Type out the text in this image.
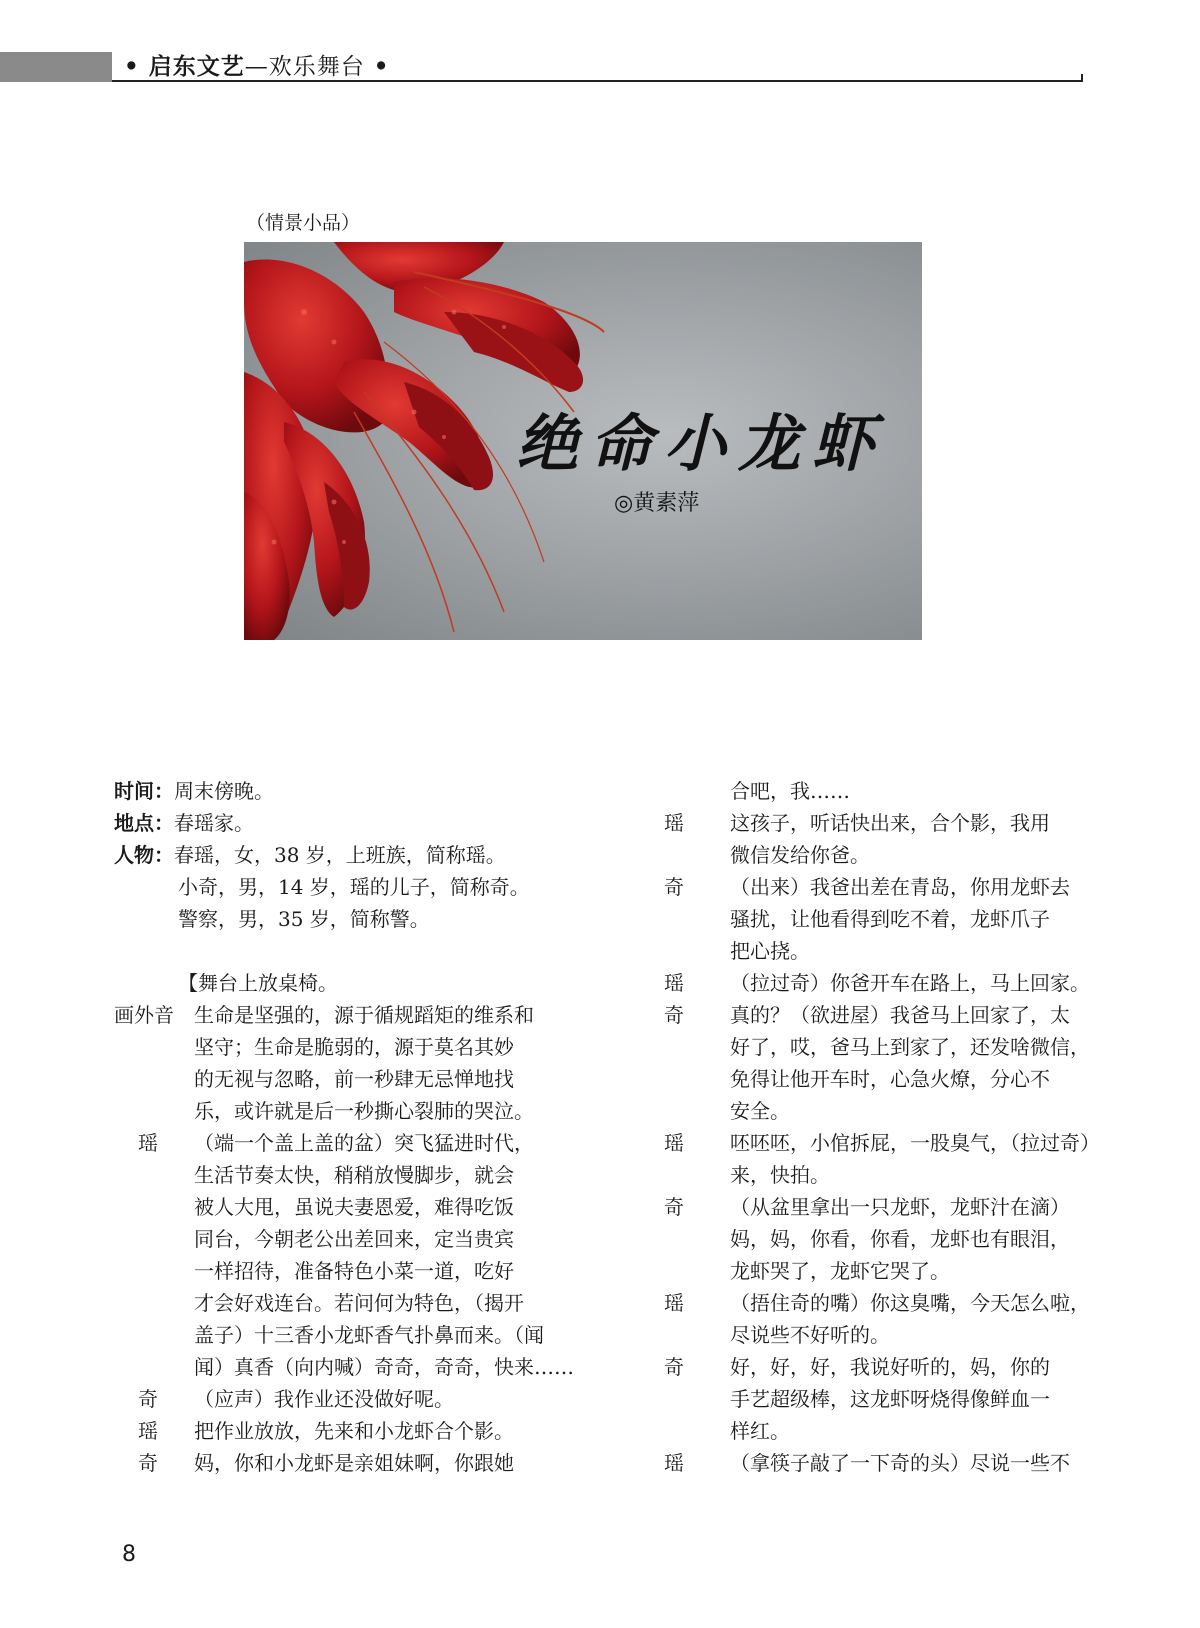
• 启东文艺—欢乐舞台 •
（情景小品）
绝命小龙虾
◎黄素萍
时间：周末傍晚。
地点：春瑶家。
人物：春瑶，女，38 岁，上班族，简称瑶。
小奇，男，14 岁，瑶的儿子，简称奇。
警察，男，35 岁，简称警。
【舞台上放桌椅。
画外音 生命是坚强的，源于循规蹈矩的维系和
坚守；生命是脆弱的，源于莫名其妙
的无视与忽略，前一秒肆无忌惮地找
乐，或许就是后一秒撕心裂肺的哭泣。
瑶 （端一个盖上盖的盆）突飞猛进时代，
生活节奏太快，稍稍放慢脚步，就会
被人大甩，虽说夫妻恩爱，难得吃饭
同台，今朝老公出差回来，定当贵宾
一样招待，准备特色小菜一道，吃好
才会好戏连台。若问何为特色，（揭开
盖子）十三香小龙虾香气扑鼻而来。（闻
闻）真香（向内喊）奇奇，奇奇，快来……
奇 （应声）我作业还没做好呢。
瑶 把作业放放，先来和小龙虾合个影。
奇 妈，你和小龙虾是亲姐妹啊，你跟她
合吧，我……
瑶 这孩子，听话快出来，合个影，我用
微信发给你爸。
奇 （出来）我爸出差在青岛，你用龙虾去
骚扰，让他看得到吃不着，龙虾爪子
把心挠。
瑶 （拉过奇）你爸开车在路上，马上回家。
奇 真的？（欲进屋）我爸马上回家了，太
好了，哎，爸马上到家了，还发啥微信，
免得让他开车时，心急火燎，分心不
安全。
瑶 呸呸呸，小倌拆屁，一股臭气，（拉过奇）
来，快拍。
奇 （从盆里拿出一只龙虾，龙虾汁在滴）
妈，妈，你看，你看，龙虾也有眼泪，
龙虾哭了，龙虾它哭了。
瑶 （捂住奇的嘴）你这臭嘴，今天怎么啦，
尽说些不好听的。
奇 好，好，好，我说好听的，妈，你的
手艺超级棒，这龙虾呀烧得像鲜血一
样红。
瑶 （拿筷子敲了一下奇的头）尽说一些不
8
